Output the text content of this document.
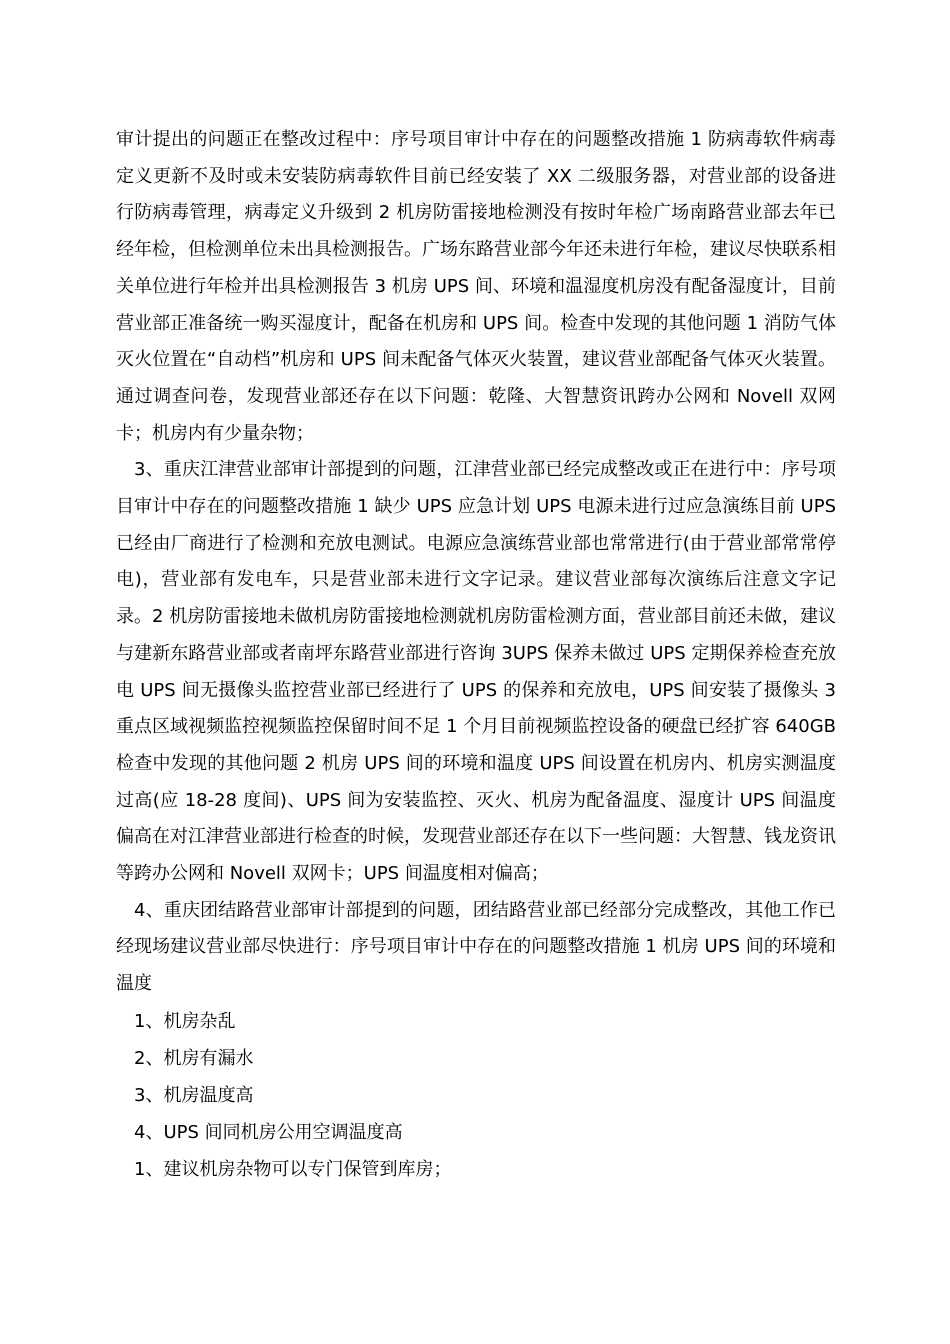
审计提出的问题正在整改过程中：序号项目审计中存在的问题整改措施 1 防病毒软件病毒定义更新不及时或未安装防病毒软件目前已经安装了 XX 二级服务器，对营业部的设备进行防病毒管理，病毒定义升级到 2 机房防雷接地检测没有按时年检广场南路营业部去年已经年检，但检测单位未出具检测报告。广场东路营业部今年还未进行年检，建议尽快联系相关单位进行年检并出具检测报告 3 机房 UPS 间、环境和温湿度机房没有配备湿度计，目前营业部正准备统一购买湿度计，配备在机房和 UPS 间。检查中发现的其他问题 1 消防气体灭火位置在“自动档”机房和 UPS 间未配备气体灭火装置，建议营业部配备气体灭火装置。通过调查问卷，发现营业部还存在以下问题：乾隆、大智慧资讯跨办公网和 Novell 双网卡；机房内有少量杂物；

3、重庆江津营业部审计部提到的问题，江津营业部已经完成整改或正在进行中：序号项目审计中存在的问题整改措施 1 缺少 UPS 应急计划 UPS 电源未进行过应急演练目前 UPS 已经由厂商进行了检测和充放电测试。电源应急演练营业部也常常进行(由于营业部常常停电)，营业部有发电车，只是营业部未进行文字记录。建议营业部每次演练后注意文字记录。2 机房防雷接地未做机房防雷接地检测就机房防雷检测方面，营业部目前还未做，建议与建新东路营业部或者南坪东路营业部进行咨询 3UPS 保养未做过 UPS 定期保养检查充放电 UPS 间无摄像头监控营业部已经进行了 UPS 的保养和充放电，UPS 间安装了摄像头 3 重点区域视频监控视频监控保留时间不足 1 个月目前视频监控设备的硬盘已经扩容 640GB 检查中发现的其他问题 2 机房 UPS 间的环境和温度 UPS 间设置在机房内、机房实测温度过高(应 18-28 度间)、UPS 间为安装监控、灭火、机房为配备温度、湿度计 UPS 间温度偏高在对江津营业部进行检查的时候，发现营业部还存在以下一些问题：大智慧、钱龙资讯等跨办公网和 Novell 双网卡；UPS 间温度相对偏高；

4、重庆团结路营业部审计部提到的问题，团结路营业部已经部分完成整改，其他工作已经现场建议营业部尽快进行：序号项目审计中存在的问题整改措施 1 机房 UPS 间的环境和温度

1、机房杂乱

2、机房有漏水

3、机房温度高

4、UPS 间同机房公用空调温度高

1、建议机房杂物可以专门保管到库房；
